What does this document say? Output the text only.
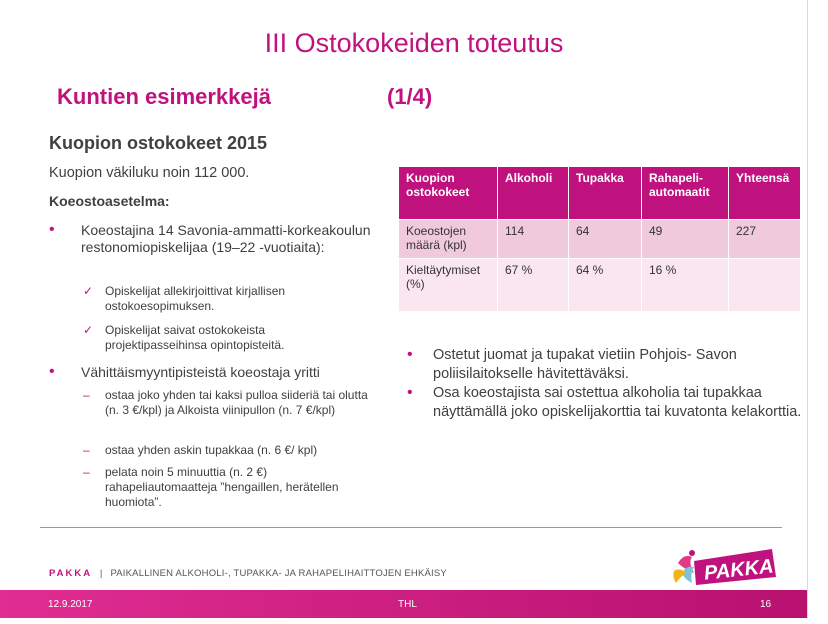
III Ostokokeiden toteutus
Kuntien esimerkkejä	(1/4)
Kuopion ostokokeet 2015
Kuopion väkiluku noin 112 000.
Koeostoasetelma:
• Koeostajina 14 Savonia-ammatti-korkeakoulun restonomiopiskelijaa (19–22 -vuotiaita):
✓ Opiskelijat allekirjoittivat kirjallisen ostokoesopimuksen.
✓ Opiskelijat saivat ostokokeista projektipasseihinsa opintopisteitä.
• Vähittäismyyntipisteistä koeostaja yritti
– ostaa joko yhden tai kaksi pulloa siideriä tai olutta (n. 3 €/kpl) ja Alkoista viinipullon (n. 7 €/kpl)
– ostaa yhden askin tupakkaa (n. 6 €/ kpl)
– pelata noin 5 minuuttia (n. 2 €) rahapeliautomaatteja ”hengaillen, herätellen huomiota”.
Kuopion ostokokeet	Alkoholi	Tupakka	Rahapeli-automaatit	Yhteensä
Koeostojen määrä (kpl)	114	64	49	227
Kieltäytymiset (%)	67 %	64 %	16 %	
• Ostetut juomat ja tupakat vietiin Pohjois- Savon poliisilaitokselle hävitettäväksi.
• Osa koeostajista sai ostettua alkoholia tai tupakkaa näyttämällä joko opiskelijakorttia tai kuvatonta kelakorttia.
PAKKA | PAIKALLINEN ALKOHOLI-, TUPAKKA- JA RAHAPELIHAITTOJEN EHKÄISY	PAKKA
12.9.2017	THL	16
